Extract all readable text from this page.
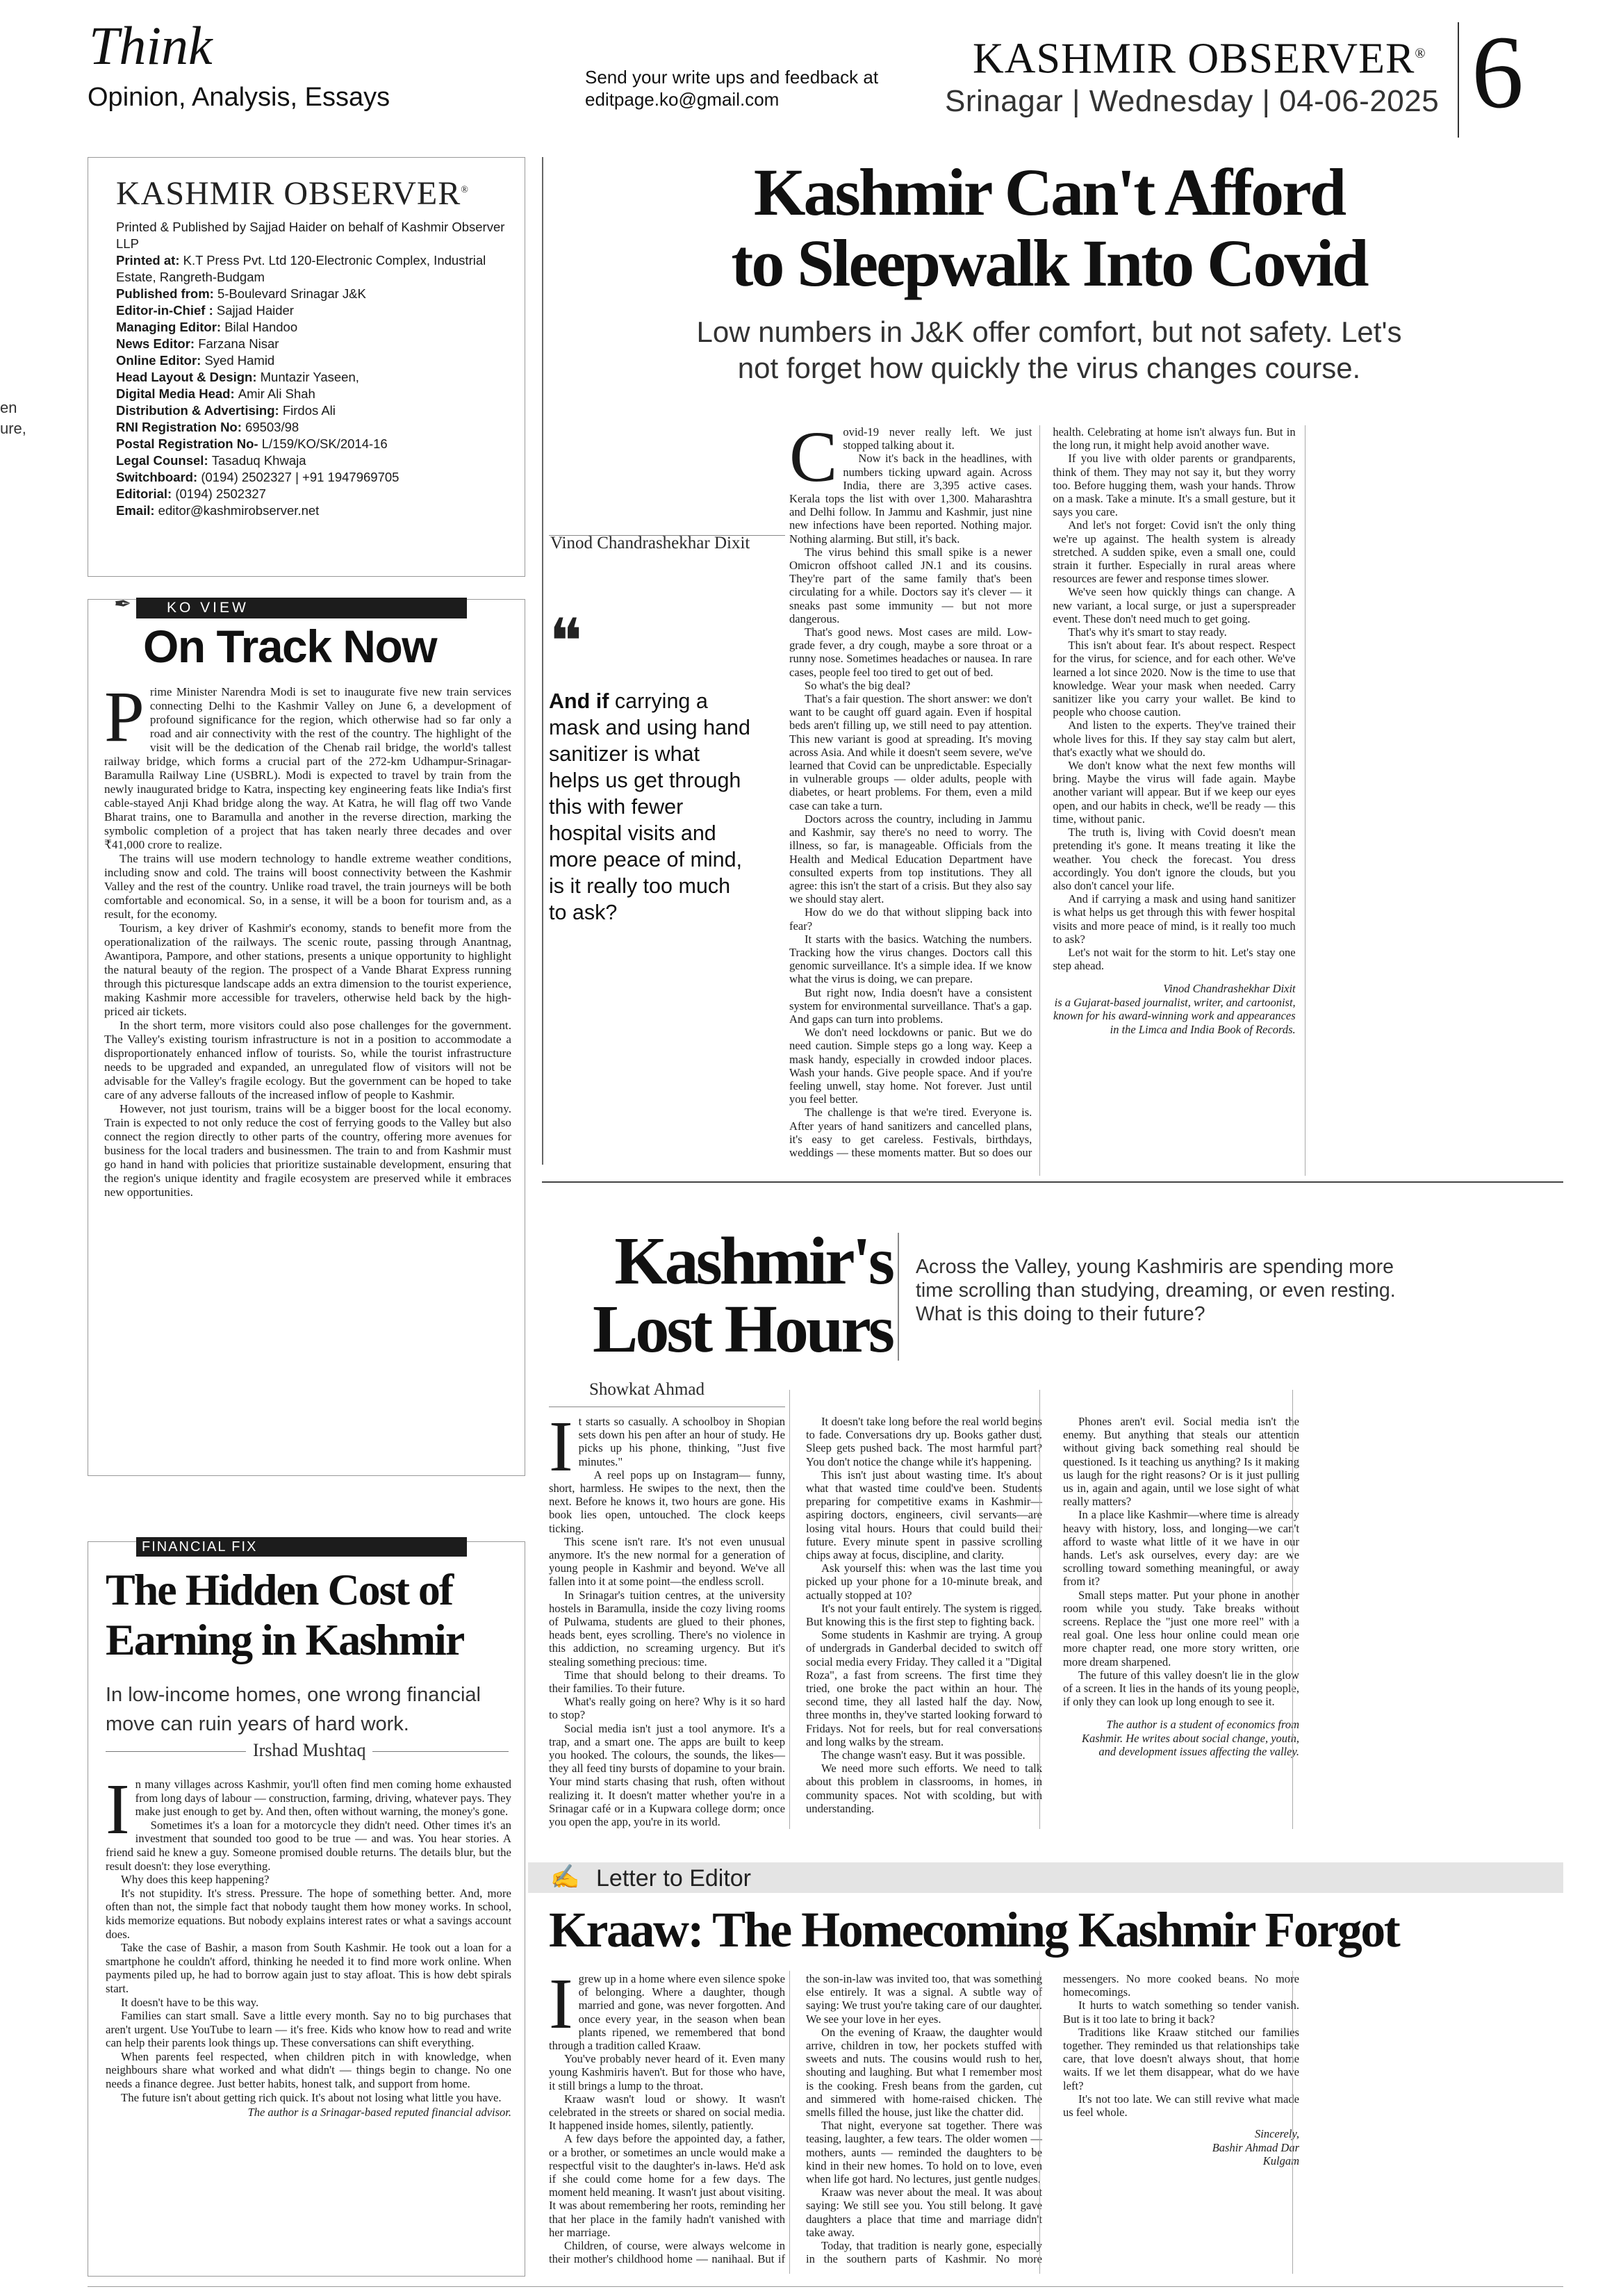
Think
Opinion, Analysis, Essays
Send your write ups and feedback at
editpage.ko@gmail.com
KASHMIR OBSERVER®
Srinagar | Wednesday | 04-06-2025 6
en
ure,
KASHMIR OBSERVER®
Printed & Published by Sajjad Haider on behalf of Kashmir Observer LLP
Printed at: K.T Press Pvt. Ltd 120-Electronic Complex, Industrial Estate, Rangreth-Budgam
Published from: 5-Boulevard Srinagar J&K
Editor-in-Chief : Sajjad Haider
Managing Editor: Bilal Handoo
News Editor: Farzana Nisar
Online Editor: Syed Hamid
Head Layout & Design: Muntazir Yaseen,
Digital Media Head: Amir Ali Shah
Distribution & Advertising: Firdos Ali
RNI Registration No: 69503/98
Postal Registration No- L/159/KO/SK/2014-16
Legal Counsel: Tasaduq Khwaja
Switchboard: (0194) 2502327 | +91 1947969705
Editorial: (0194) 2502327
Email: editor@kashmirobserver.net
KO VIEW
✒
On Track Now

Prime Minister Narendra Modi is set to inaugurate five new train services connecting Delhi to the Kashmir Valley on June 6, a development of profound significance for the region, which otherwise had so far only a road and air connectivity with the rest of the country. The highlight of the visit will be the dedication of the Chenab rail bridge, the world's tallest railway bridge, which forms a crucial part of the 272-km Udhampur-Srinagar-Baramulla Railway Line (USBRL). Modi is expected to travel by train from the newly inaugurated bridge to Katra, inspecting key engineering feats like India's first cable-stayed Anji Khad bridge along the way. At Katra, he will flag off two Vande Bharat trains, one to Baramulla and another in the reverse direction, marking the symbolic completion of a project that has taken nearly three decades and over ₹41,000 crore to realize.

The trains will use modern technology to handle extreme weather conditions, including snow and cold. The trains will boost connectivity between the Kashmir Valley and the rest of the country. Unlike road travel, the train journeys will be both comfortable and economical. So, in a sense, it will be a boon for tourism and, as a result, for the economy.

Tourism, a key driver of Kashmir's economy, stands to benefit more from the operationalization of the railways. The scenic route, passing through Anantnag, Awantipora, Pampore, and other stations, presents a unique opportunity to highlight the natural beauty of the region. The prospect of a Vande Bharat Express running through this picturesque landscape adds an extra dimension to the tourist experience, making Kashmir more accessible for travelers, otherwise held back by the high-priced air tickets.

In the short term, more visitors could also pose challenges for the government. The Valley's existing tourism infrastructure is not in a position to accommodate a disproportionately enhanced inflow of tourists. So, while the tourist infrastructure needs to be upgraded and expanded, an unregulated flow of visitors will not be advisable for the Valley's fragile ecology. But the government can be hoped to take care of any adverse fallouts of the increased inflow of people to Kashmir.

However, not just tourism, trains will be a bigger boost for the local economy. Train is expected to not only reduce the cost of ferrying goods to the Valley but also connect the region directly to other parts of the country, offering more avenues for business for the local traders and businessmen. The train to and from Kashmir must go hand in hand with policies that prioritize sustainable development, ensuring that the region's unique identity and fragile ecosystem are preserved while it embraces new opportunities.

FINANCIAL FIX
The Hidden Cost of
Earning in Kashmir
In low-income homes, one wrong financial move can ruin years of hard work.
Irshad Mushtaq

In many villages across Kashmir, you'll often find men coming home exhausted from long days of labour — construction, farming, driving, whatever pays. They make just enough to get by. And then, often without warning, the money's gone.

Sometimes it's a loan for a motorcycle they didn't need. Other times it's an investment that sounded too good to be true — and was. You hear stories. A friend said he knew a guy. Someone promised double returns. The details blur, but the result doesn't: they lose everything.

Why does this keep happening?

It's not stupidity. It's stress. Pressure. The hope of something better. And, more often than not, the simple fact that nobody taught them how money works. In school, kids memorize equations. But nobody explains interest rates or what a savings account does.

Take the case of Bashir, a mason from South Kashmir. He took out a loan for a smartphone he couldn't afford, thinking he needed it to find more work online. When payments piled up, he had to borrow again just to stay afloat. This is how debt spirals start.

It doesn't have to be this way.

Families can start small. Save a little every month. Say no to big purchases that aren't urgent. Use YouTube to learn — it's free. Kids who know how to read and write can help their parents look things up. These conversations can shift everything.

When parents feel respected, when children pitch in with knowledge, when neighbours share what worked and what didn't — things begin to change. No one needs a finance degree. Just better habits, honest talk, and support from home.

The future isn't about getting rich quick. It's about not losing what little you have.

The author is a Srinagar-based reputed financial advisor.
Kashmir Can't Afford
to Sleepwalk Into Covid
Low numbers in J&K offer comfort, but not safety. Let's
not forget how quickly the virus changes course.
Vinod Chandrashekhar Dixit
❝
And if carrying a mask and using hand sanitizer is what helps us get through this with fewer hospital visits and more peace of mind, is it really too much to ask?

Covid-19 never really left. We just stopped talking about it.

Now it's back in the headlines, with numbers ticking upward again. Across India, there are 3,395 active cases. Kerala tops the list with over 1,300. Maharashtra and Delhi follow. In Jammu and Kashmir, just nine new infections have been reported. Nothing major. Nothing alarming. But still, it's back.

The virus behind this small spike is a newer Omicron offshoot called JN.1 and its cousins. They're part of the same family that's been circulating for a while. Doctors say it's clever — it sneaks past some immunity — but not more dangerous.

That's good news. Most cases are mild. Low-grade fever, a dry cough, maybe a sore throat or a runny nose. Sometimes headaches or nausea. In rare cases, people feel too tired to get out of bed.

So what's the big deal?

That's a fair question. The short answer: we don't want to be caught off guard again. Even if hospital beds aren't filling up, we still need to pay attention. This new variant is good at spreading. It's moving across Asia. And while it doesn't seem severe, we've learned that Covid can be unpredictable. Especially in vulnerable groups — older adults, people with diabetes, or heart problems. For them, even a mild case can take a turn.

Doctors across the country, including in Jammu and Kashmir, say there's no need to worry. The illness, so far, is manageable. Officials from the Health and Medical Education Department have consulted experts from top institutions. They all agree: this isn't the start of a crisis. But they also say we should stay alert.

How do we do that without slipping back into fear?

It starts with the basics. Watching the numbers. Tracking how the virus changes. Doctors call this genomic surveillance. It's a simple idea. If we know what the virus is doing, we can prepare.

But right now, India doesn't have a consistent system for environmental surveillance. That's a gap. And gaps can turn into problems.

We don't need lockdowns or panic. But we do need caution. Simple steps go a long way. Keep a mask handy, especially in crowded indoor places. Wash your hands. Give people space. And if you're feeling unwell, stay home. Not forever. Just until you feel better.

The challenge is that we're tired. Everyone is. After years of hand sanitizers and cancelled plans, it's easy to get careless. Festivals, birthdays, weddings — these moments matter. But so does our health. Celebrating at home isn't always fun. But in the long run, it might help avoid another wave.

If you live with older parents or grandparents, think of them. They may not say it, but they worry too. Before hugging them, wash your hands. Throw on a mask. Take a minute. It's a small gesture, but it says you care.

And let's not forget: Covid isn't the only thing we're up against. The health system is already stretched. A sudden spike, even a small one, could strain it further. Especially in rural areas where resources are fewer and response times slower.

We've seen how quickly things can change. A new variant, a local surge, or just a superspreader event. These don't need much to get going.

That's why it's smart to stay ready.

This isn't about fear. It's about respect. Respect for the virus, for science, and for each other. We've learned a lot since 2020. Now is the time to use that knowledge. Wear your mask when needed. Carry sanitizer like you carry your wallet. Be kind to people who choose caution.

And listen to the experts. They've trained their whole lives for this. If they say stay calm but alert, that's exactly what we should do.

We don't know what the next few months will bring. Maybe the virus will fade again. Maybe another variant will appear. But if we keep our eyes open, and our habits in check, we'll be ready — this time, without panic.

The truth is, living with Covid doesn't mean pretending it's gone. It means treating it like the weather. You check the forecast. You dress accordingly. You don't ignore the clouds, but you also don't cancel your life.

And if carrying a mask and using hand sanitizer is what helps us get through this with fewer hospital visits and more peace of mind, is it really too much to ask?

Let's not wait for the storm to hit. Let's stay one step ahead.

Vinod Chandrashekhar Dixit
is a Gujarat-based journalist, writer, and cartoonist, known for his award-winning work and appearances in the Limca and India Book of Records.
Kashmir's
Lost Hours
Across the Valley, young Kashmiris are spending more time scrolling than studying, dreaming, or even resting. What is this doing to their future?
Showkat Ahmad

It starts so casually. A schoolboy in Shopian sets down his pen after an hour of study. He picks up his phone, thinking, "Just five minutes."

A reel pops up on Instagram— funny, short, harmless. He swipes to the next, then the next. Before he knows it, two hours are gone. His book lies open, untouched. The clock keeps ticking.

This scene isn't rare. It's not even unusual anymore. It's the new normal for a generation of young people in Kashmir and beyond. We've all fallen into it at some point—the endless scroll.

In Srinagar's tuition centres, at the university hostels in Baramulla, inside the cozy living rooms of Pulwama, students are glued to their phones, heads bent, eyes scrolling. There's no violence in this addiction, no screaming urgency. But it's stealing something precious: time.

Time that should belong to their dreams. To their families. To their future.

What's really going on here? Why is it so hard to stop?

Social media isn't just a tool anymore. It's a trap, and a smart one. The apps are built to keep you hooked. The colours, the sounds, the likes—they all feed tiny bursts of dopamine to your brain. Your mind starts chasing that rush, often without realizing it. It doesn't matter whether you're in a Srinagar café or in a Kupwara college dorm; once you open the app, you're in its world.

It doesn't take long before the real world begins to fade. Conversations dry up. Books gather dust. Sleep gets pushed back. The most harmful part? You don't notice the change while it's happening.

This isn't just about wasting time. It's about what that wasted time could've been. Students preparing for competitive exams in Kashmir—aspiring doctors, engineers, civil servants—are losing vital hours. Hours that could build their future. Every minute spent in passive scrolling chips away at focus, discipline, and clarity.

Ask yourself this: when was the last time you picked up your phone for a 10-minute break, and actually stopped at 10?

It's not your fault entirely. The system is rigged. But knowing this is the first step to fighting back.

Some students in Kashmir are trying. A group of undergrads in Ganderbal decided to switch off social media every Friday. They called it a "Digital Roza", a fast from screens. The first time they tried, one broke the pact within an hour. The second time, they all lasted half the day. Now, three months in, they've started looking forward to Fridays. Not for reels, but for real conversations and long walks by the stream.

The change wasn't easy. But it was possible.

We need more such efforts. We need to talk about this problem in classrooms, in homes, in community spaces. Not with scolding, but with understanding.

Phones aren't evil. Social media isn't the enemy. But anything that steals our attention without giving back something real should be questioned. Is it teaching us anything? Is it making us laugh for the right reasons? Or is it just pulling us in, again and again, until we lose sight of what really matters?

In a place like Kashmir—where time is already heavy with history, loss, and longing—we can't afford to waste what little of it we have in our hands. Let's ask ourselves, every day: are we scrolling toward something meaningful, or away from it?

Small steps matter. Put your phone in another room while you study. Take breaks without screens. Replace the "just one more reel" with a real goal. One less hour online could mean one more chapter read, one more story written, one more dream sharpened.

The future of this valley doesn't lie in the glow of a screen. It lies in the hands of its young people, if only they can look up long enough to see it.

The author is a student of economics from Kashmir. He writes about social change, youth, and development issues affecting the valley.
✍ Letter to Editor
Kraaw: The Homecoming Kashmir Forgot

I grew up in a home where even silence spoke of belonging. Where a daughter, though married and gone, was never forgotten. And once every year, in the season when bean plants ripened, we remembered that bond through a tradition called Kraaw.

You've probably never heard of it. Even many young Kashmiris haven't. But for those who have, it still brings a lump to the throat.

Kraaw wasn't loud or showy. It wasn't celebrated in the streets or shared on social media. It happened inside homes, silently, patiently.

A few days before the appointed day, a father, or a brother, or sometimes an uncle would make a respectful visit to the daughter's in-laws. He'd ask if she could come home for a few days. The moment held meaning. It wasn't just about visiting. It was about remembering her roots, reminding her that her place in the family hadn't vanished with her marriage.

Children, of course, were always welcome in their mother's childhood home — nanihaal. But if the son-in-law was invited too, that was something else entirely. It was a signal. A subtle way of saying: We trust you're taking care of our daughter. We see your love in her eyes.

On the evening of Kraaw, the daughter would arrive, children in tow, her pockets stuffed with sweets and nuts. The cousins would rush to her, shouting and laughing. But what I remember most is the cooking. Fresh beans from the garden, cut and simmered with home-raised chicken. The smells filled the house, just like the chatter did.

That night, everyone sat together. There was teasing, laughter, a few tears. The older women — mothers, aunts — reminded the daughters to be kind in their new homes. To hold on to love, even when life got hard. No lectures, just gentle nudges.

Kraaw was never about the meal. It was about saying: We still see you. You still belong. It gave daughters a place that time and marriage didn't take away.

Today, that tradition is nearly gone, especially in the southern parts of Kashmir. No more messengers. No more cooked beans. No more homecomings.

It hurts to watch something so tender vanish. But is it too late to bring it back?

Traditions like Kraaw stitched our families together. They reminded us that relationships take care, that love doesn't always shout, that home waits. If we let them disappear, what do we have left?

It's not too late. We can still revive what made us feel whole.

Sincerely,
Bashir Ahmad Dar
Kulgam
